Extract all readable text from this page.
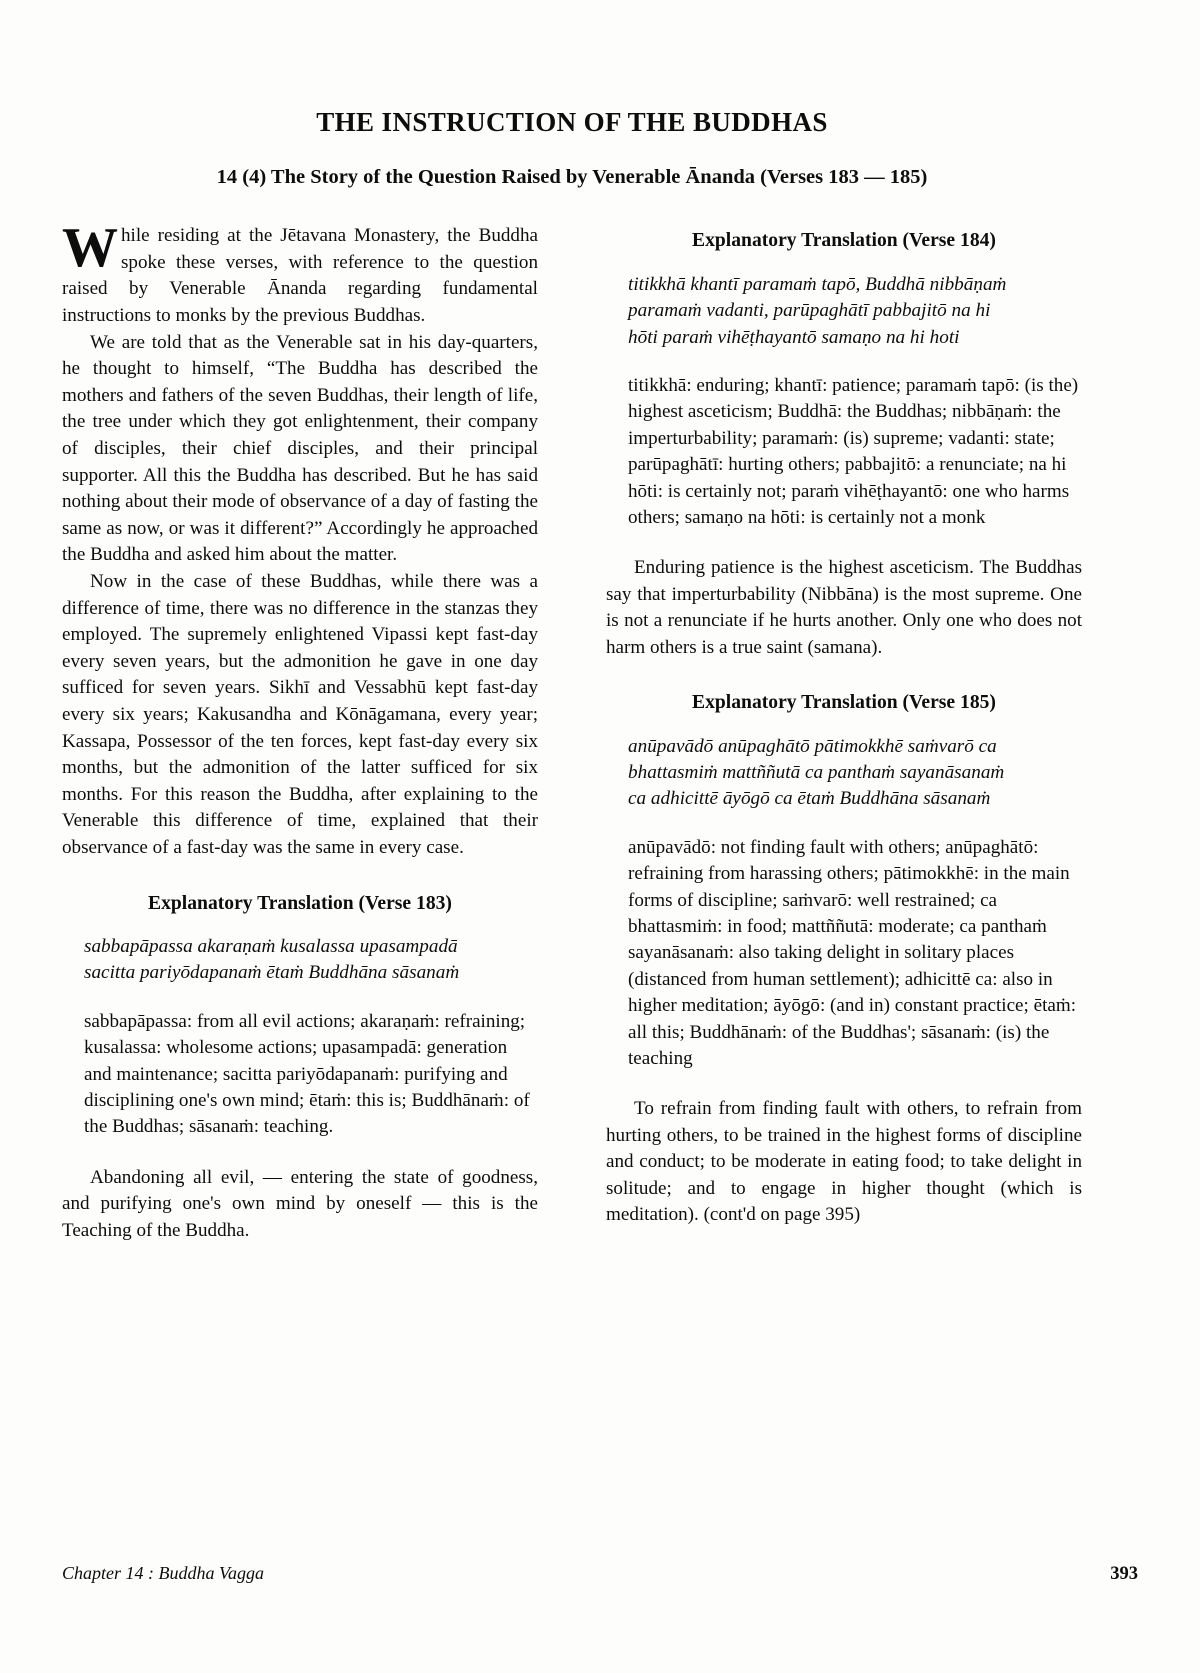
THE INSTRUCTION OF THE BUDDHAS
14 (4) The Story of the Question Raised by Venerable Ānanda (Verses 183 — 185)

While residing at the Jētavana Monastery, the Buddha spoke these verses, with reference to the question raised by Venerable Ānanda regarding fundamental instructions to monks by the previous Buddhas.

We are told that as the Venerable sat in his day-quarters, he thought to himself, “The Buddha has described the mothers and fathers of the seven Buddhas, their length of life, the tree under which they got enlightenment, their company of disciples, their chief disciples, and their principal supporter. All this the Buddha has described. But he has said nothing about their mode of observance of a day of fasting the same as now, or was it different?” Accordingly he approached the Buddha and asked him about the matter.

Now in the case of these Buddhas, while there was a difference of time, there was no difference in the stanzas they employed. The supremely enlightened Vipassi kept fast-day every seven years, but the admonition he gave in one day sufficed for seven years. Sikhī and Vessabhū kept fast-day every six years; Kakusandha and Kōnāgamana, every year; Kassapa, Possessor of the ten forces, kept fast-day every six months, but the admonition of the latter sufficed for six months. For this reason the Buddha, after explaining to the Venerable this difference of time, explained that their observance of a fast-day was the same in every case.

Explanatory Translation (Verse 183)

sabbapāpassa akaraṇaṁ kusalassa upasampadā

sacitta pariyōdapanaṁ ētaṁ Buddhāna sāsanaṁ

sabbapāpassa: from all evil actions; akaraṇaṁ: refraining; kusalassa: wholesome actions; upasampadā: generation and maintenance; sacitta pariyōdapanaṁ: purifying and disciplining one's own mind; ētaṁ: this is; Buddhānaṁ: of the Buddhas; sāsanaṁ: teaching.

Abandoning all evil, — entering the state of goodness, and purifying one's own mind by oneself — this is the Teaching of the Buddha.

Explanatory Translation (Verse 184)

titikkhā khantī paramaṁ tapō, Buddhā nibbāṇaṁ

paramaṁ vadanti, parūpaghātī pabbajitō na hi

hōti paraṁ vihēṭhayantō samaṇo na hi hoti

titikkhā: enduring; khantī: patience; paramaṁ tapō: (is the) highest asceticism; Buddhā: the Buddhas; nibbāṇaṁ: the imperturbability; paramaṁ: (is) supreme; vadanti: state; parūpaghātī: hurting others; pabbajitō: a renunciate; na hi hōti: is certainly not; paraṁ vihēṭhayantō: one who harms others; samaṇo na hōti: is certainly not a monk

Enduring patience is the highest asceticism. The Buddhas say that imperturbability (Nibbāna) is the most supreme. One is not a renunciate if he hurts another. Only one who does not harm others is a true saint (samana).

Explanatory Translation (Verse 185)

anūpavādō anūpaghātō pātimokkhē saṁvarō ca

bhattasmiṁ mattññutā ca panthaṁ sayanāsanaṁ

ca adhicittē āyōgō ca ētaṁ Buddhāna sāsanaṁ

anūpavādō: not finding fault with others; anūpaghātō: refraining from harassing others; pātimokkhē: in the main forms of discipline; saṁvarō: well restrained; ca bhattasmiṁ: in food; mattññutā: moderate; ca panthaṁ sayanāsanaṁ: also taking delight in solitary places (distanced from human settlement); adhicittē ca: also in higher meditation; āyōgō: (and in) constant practice; ētaṁ: all this; Buddhānaṁ: of the Buddhas'; sāsanaṁ: (is) the teaching

To refrain from finding fault with others, to refrain from hurting others, to be trained in the highest forms of discipline and conduct; to be moderate in eating food; to take delight in solitude; and to engage in higher thought (which is meditation). (cont'd on page 395)

Chapter 14 : Buddha Vagga	393
